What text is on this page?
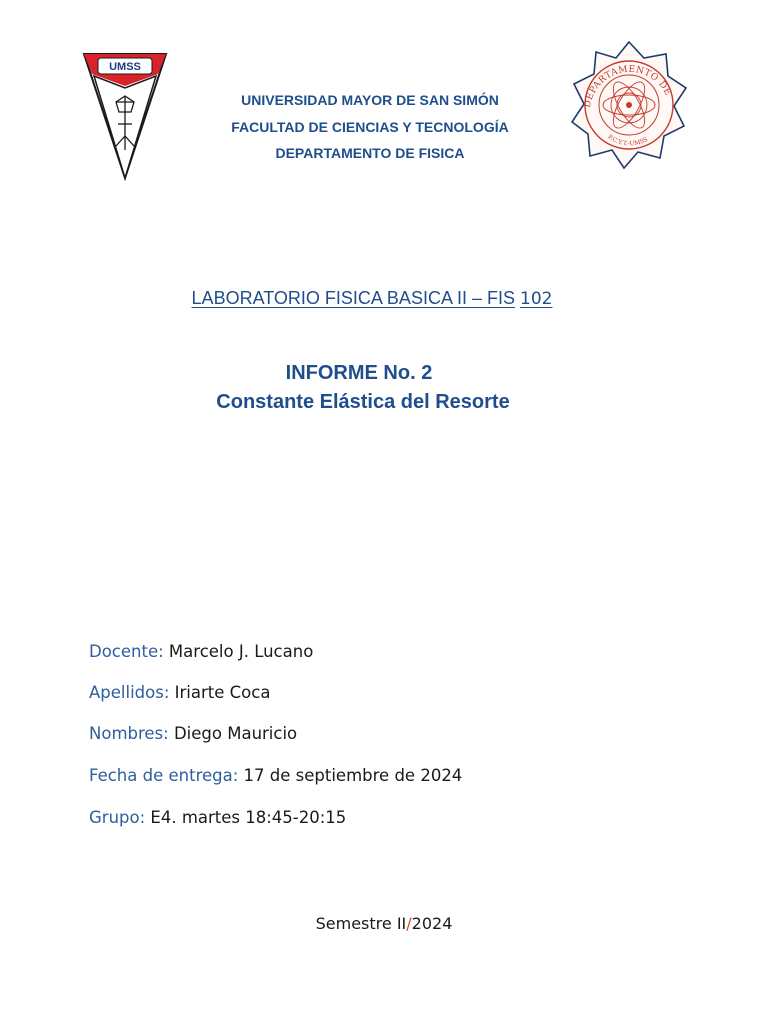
UMSS
UNIVERSIDAD MAYOR DE SAN SIMÓN
FACULTAD DE CIENCIAS Y TECNOLOGÍA
DEPARTAMENTO DE FISICA
DEPARTAMENTO DE
F.C.Y.T.-UMSS
LABORATORIO FISICA BASICA II – FIS 102
INFORME No. 2
Constante Elástica del Resorte
Docente: Marcelo J. Lucano
Apellidos: Iriarte Coca
Nombres: Diego Mauricio
Fecha de entrega: 17 de septiembre de 2024
Grupo: E4. martes 18:45-20:15
Semestre II/2024
